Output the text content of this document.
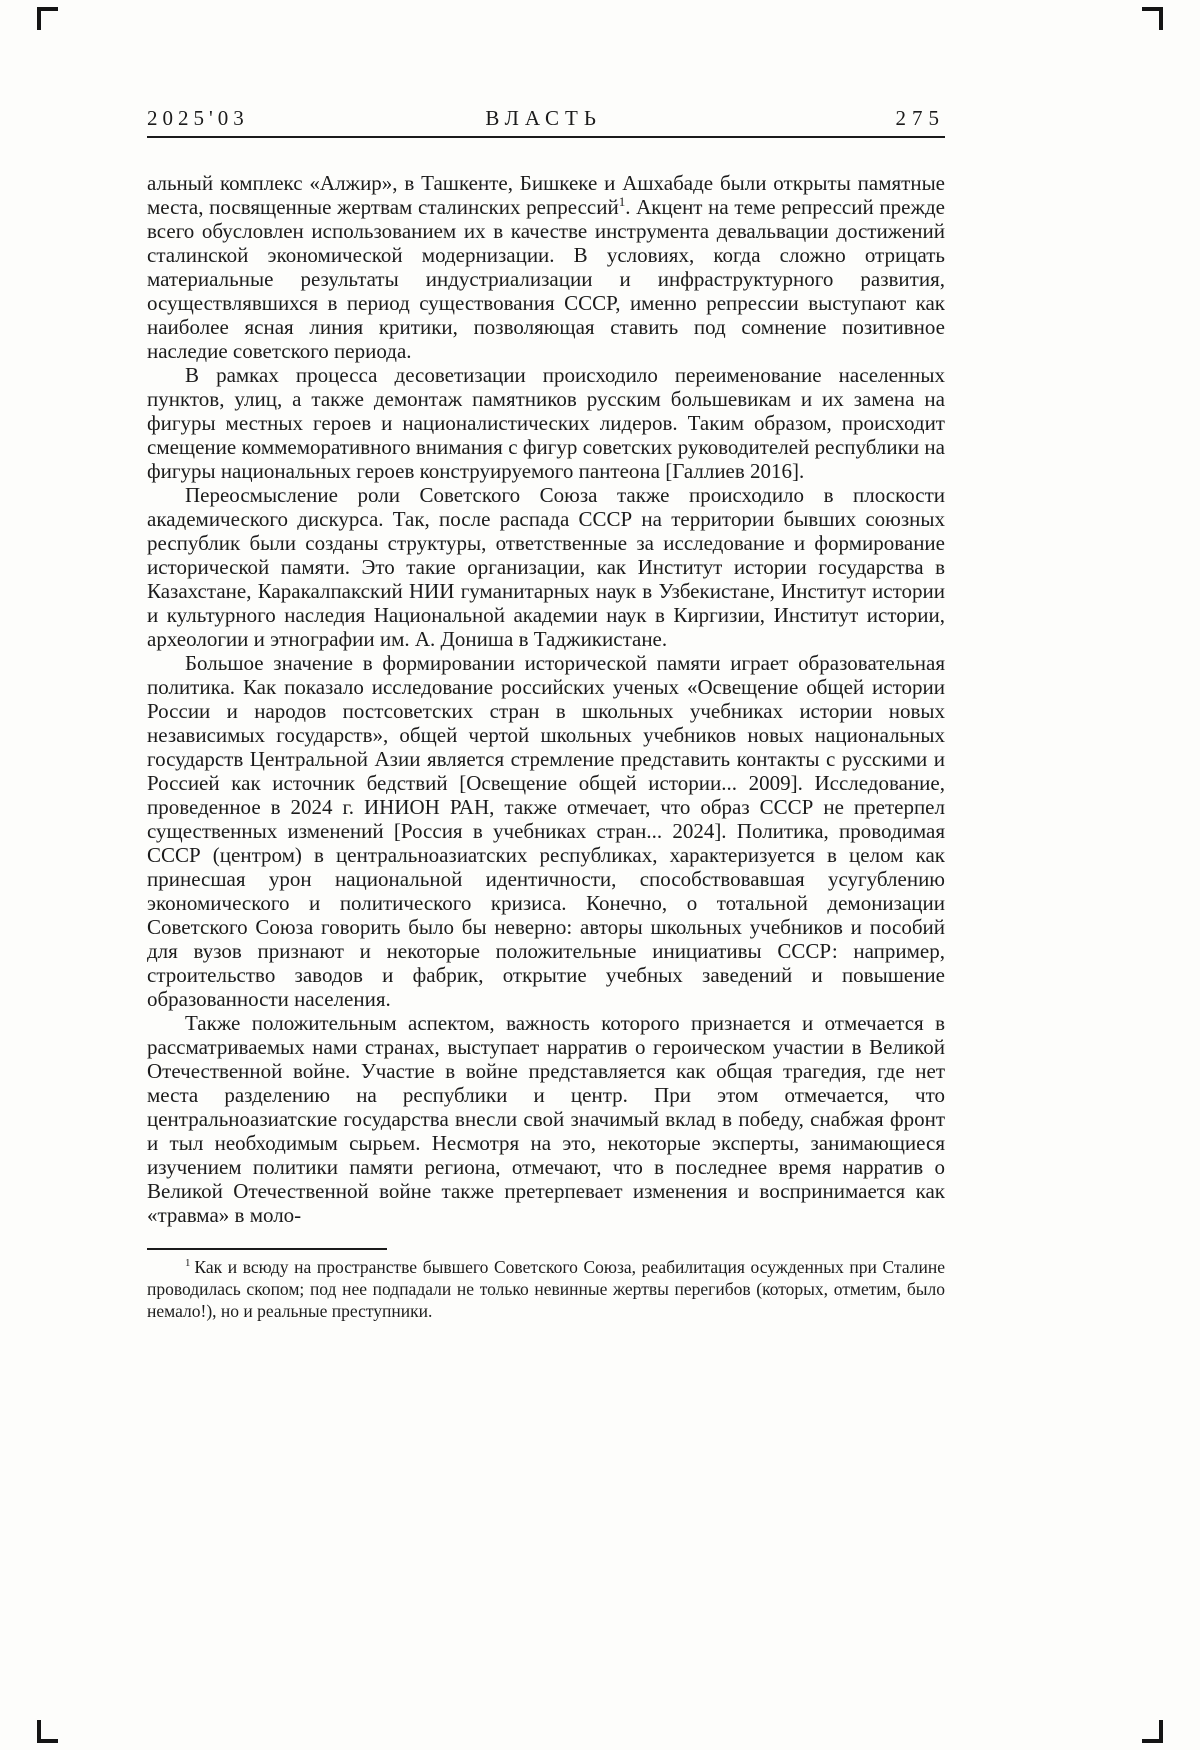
2025'03	ВЛАСТЬ	275

альный комплекс «Алжир», в Ташкенте, Бишкеке и Ашхабаде были открыты памятные места, посвященные жертвам сталинских репрессий$^1$. Акцент на теме репрессий прежде всего обусловлен использованием их в качестве инструмента девальвации достижений сталинской экономической модернизации. В условиях, когда сложно отрицать материальные результаты индустриализации и инфраструктурного развития, осуществлявшихся в период существования СССР, именно репрессии выступают как наиболее ясная линия критики, позволяющая ставить под сомнение позитивное наследие советского периода.

В рамках процесса десоветизации происходило переименование населенных пунктов, улиц, а также демонтаж памятников русским большевикам и их замена на фигуры местных героев и националистических лидеров. Таким образом, происходит смещение коммеморативного внимания с фигур советских руководителей республики на фигуры национальных героев конструируемого пантеона [Галлиев 2016].

Переосмысление роли Советского Союза также происходило в плоскости академического дискурса. Так, после распада СССР на территории бывших союзных республик были созданы структуры, ответственные за исследование и формирование исторической памяти. Это такие организации, как Институт истории государства в Казахстане, Каракалпакский НИИ гуманитарных наук в Узбекистане, Институт истории и культурного наследия Национальной академии наук в Киргизии, Институт истории, археологии и этнографии им. А. Дониша в Таджикистане.

Большое значение в формировании исторической памяти играет образовательная политика. Как показало исследование российских ученых «Освещение общей истории России и народов постсоветских стран в школьных учебниках истории новых независимых государств», общей чертой школьных учебников новых национальных государств Центральной Азии является стремление представить контакты с русскими и Россией как источник бедствий [Освещение общей истории... 2009]. Исследование, проведенное в 2024 г. ИНИОН РАН, также отмечает, что образ СССР не претерпел существенных изменений [Россия в учебниках стран... 2024]. Политика, проводимая СССР (центром) в центральноазиатских республиках, характеризуется в целом как принесшая урон национальной идентичности, способствовавшая усугублению экономического и политического кризиса. Конечно, о тотальной демонизации Советского Союза говорить было бы неверно: авторы школьных учебников и пособий для вузов признают и некоторые положительные инициативы СССР: например, строительство заводов и фабрик, открытие учебных заведений и повышение образованности населения.

Также положительным аспектом, важность которого признается и отмечается в рассматриваемых нами странах, выступает нарратив о героическом участии в Великой Отечественной войне. Участие в войне представляется как общая трагедия, где нет места разделению на республики и центр. При этом отмечается, что центральноазиатские государства внесли свой значимый вклад в победу, снабжая фронт и тыл необходимым сырьем. Несмотря на это, некоторые эксперты, занимающиеся изучением политики памяти региона, отмечают, что в последнее время нарратив о Великой Отечественной войне также претерпевает изменения и воспринимается как «травма» в моло-

$^1$ Как и всюду на пространстве бывшего Советского Союза, реабилитация осужденных при Сталине проводилась скопом; под нее подпадали не только невинные жертвы перегибов (которых, отметим, было немало!), но и реальные преступники.
